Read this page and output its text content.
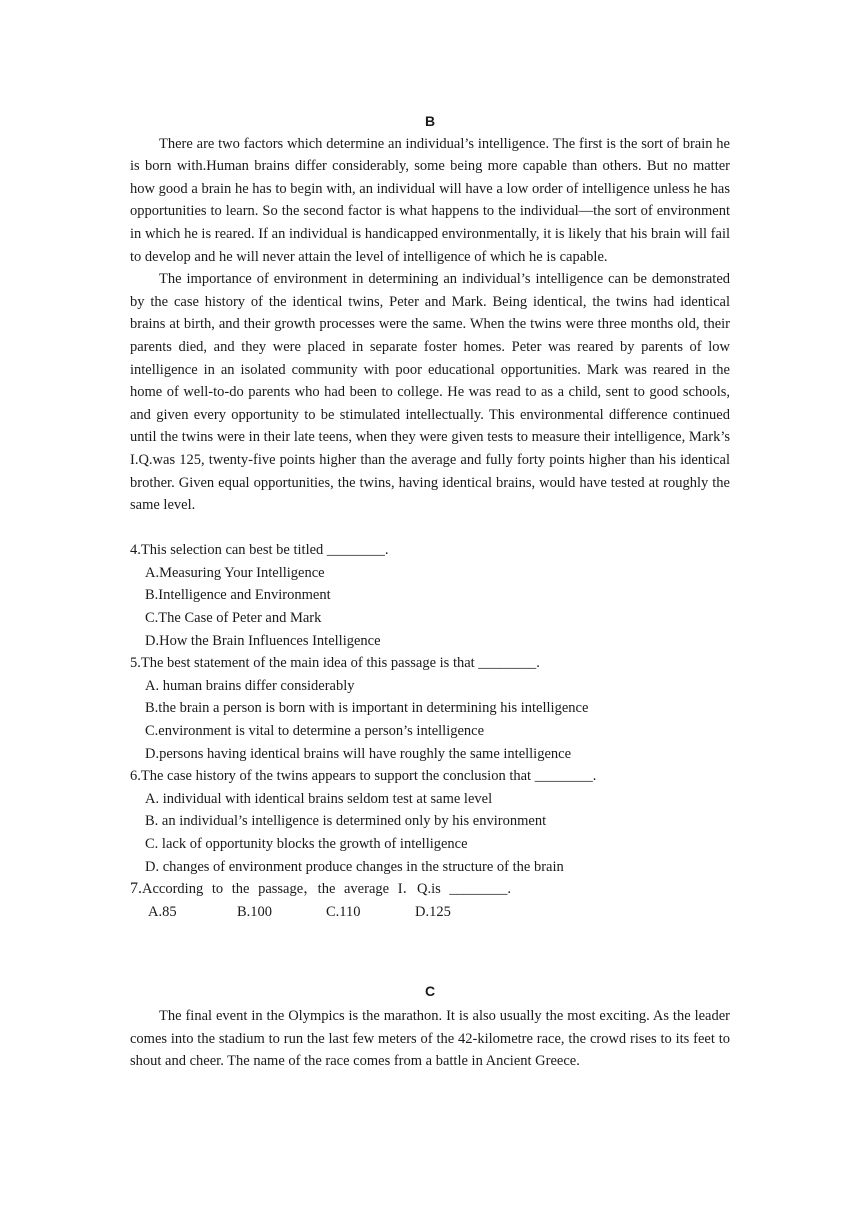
B

There are two factors which determine an individual’s intelligence. The first is the sort of brain he is born with.Human brains differ considerably, some being more capable than others. But no matter how good a brain he has to begin with, an individual will have a low order of intelligence unless he has opportunities to learn. So the second factor is what happens to the individual—the sort of environment in which he is reared. If an individual is handicapped environmentally, it is likely that his brain will fail to develop and he will never attain the level of intelligence of which he is capable.

The importance of environment in determining an individual’s intelligence can be demonstrated by the case history of the identical twins, Peter and Mark. Being identical, the twins had identical brains at birth, and their growth processes were the same. When the twins were three months old, their parents died, and they were placed in separate foster homes. Peter was reared by parents of low intelligence in an isolated community with poor educational opportunities. Mark was reared in the home of well-to-do parents who had been to college. He was read to as a child, sent to good schools, and given every opportunity to be stimulated intellectually. This environmental difference continued until the twins were in their late teens, when they were given tests to measure their intelligence, Mark’s I.Q.was 125, twenty-five points higher than the average and fully forty points higher than his identical brother. Given equal opportunities, the twins, having identical brains, would have tested at roughly the same level.

4.This selection can best be titled ________.

A.Measuring Your Intelligence

B.Intelligence and Environment

C.The Case of Peter and Mark

D.How the Brain Influences Intelligence

5.The best statement of the main idea of this passage is that ________.

A. human brains differ considerably

B.the brain a person is born with is important in determining his intelligence

C.environment is vital to determine a person’s intelligence

D.persons having identical brains will have roughly the same intelligence

6.The case history of the twins appears to support the conclusion that ________.

A. individual with identical brains seldom test at same level

B. an individual’s intelligence is determined only by his environment

C. lack of opportunity blocks the growth of intelligence

D. changes of environment produce changes in the structure of the brain

7.According to the passage，the average I．Q.is ________.

A.85	B.100	C.110	D.125
C

The final event in the Olympics is the marathon. It is also usually the most exciting. As the leader comes into the stadium to run the last few meters of the 42-kilometre race, the crowd rises to its feet to shout and cheer. The name of the race comes from a battle in Ancient Greece.
